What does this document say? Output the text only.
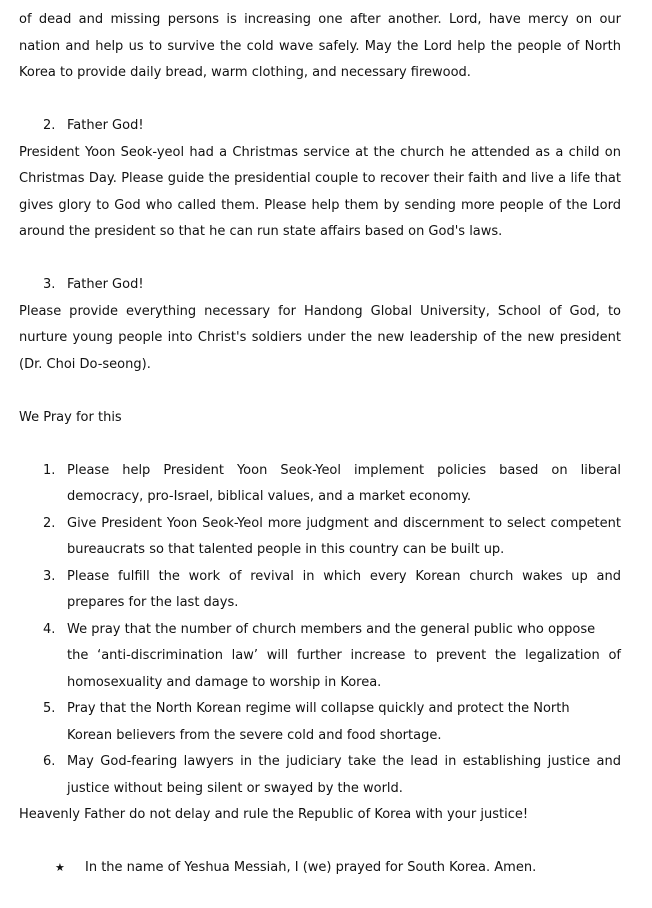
of dead and missing persons is increasing one after another. Lord, have mercy on our nation and help us to survive the cold wave safely. May the Lord help the people of North Korea to provide daily bread, warm clothing, and necessary firewood.

2. Father God!

President Yoon Seok-yeol had a Christmas service at the church he attended as a child on Christmas Day. Please guide the presidential couple to recover their faith and live a life that gives glory to God who called them. Please help them by sending more people of the Lord around the president so that he can run state affairs based on God's laws.

3. Father God!

Please provide everything necessary for Handong Global University, School of God, to nurture young people into Christ's soldiers under the new leadership of the new president (Dr. Choi Do-seong).

We Pray for this

1. Please help President Yoon Seok-Yeol implement policies based on liberal democracy, pro-Israel, biblical values, and a market economy.
2. Give President Yoon Seok-Yeol more judgment and discernment to select competent bureaucrats so that talented people in this country can be built up.
3. Please fulfill the work of revival in which every Korean church wakes up and prepares for the last days.
4. We pray that the number of church members and the general public who oppose
the ‘anti-discrimination law’ will further increase to prevent the legalization of homosexuality and damage to worship in Korea.
5. Pray that the North Korean regime will collapse quickly and protect the North
Korean believers from the severe cold and food shortage.
6. May God-fearing lawyers in the judiciary take the lead in establishing justice and justice without being silent or swayed by the world.

Heavenly Father do not delay and rule the Republic of Korea with your justice!

★ In the name of Yeshua Messiah, I (we) prayed for South Korea. Amen.
